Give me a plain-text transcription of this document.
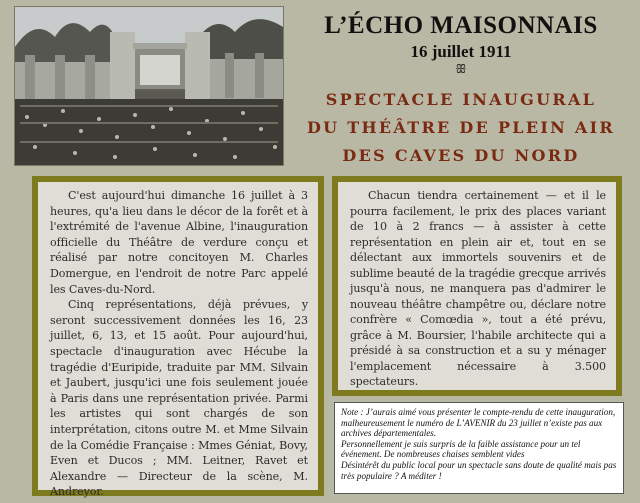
L’ÉCHO MAISONNAIS
16 juillet 1911
ꕥ
SPECTACLE INAUGURAL
DU THÉÂTRE DE PLEIN AIR
DES CAVES DU NORD

C'est aujourd'hui dimanche 16 juillet à 3 heures, qu'a lieu dans le décor de la forêt et à l'extrémité de l'avenue Albine, l'inauguration officielle du Théâtre de verdure conçu et réalisé par notre concitoyen M. Charles Domergue, en l'endroit de notre Parc appelé les Caves-du-Nord.

Cinq représentations, déjà prévues, y seront successivement données les 16, 23 juillet, 6, 13, et 15 août. Pour aujourd'hui, spectacle d'inauguration avec Hécube la tragédie d'Euripide, traduite par MM. Silvain et Jaubert, jusqu'ici une fois seulement jouée à Paris dans une représentation privée. Parmi les artistes qui sont chargés de son interprétation, citons outre M. et Mme Silvain de la Comédie Française : Mmes Géniat, Bovy, Even et Ducos ; MM. Leitner, Ravet et Alexandre — Directeur de la scène, M. Andreyor.

Chacun tiendra certainement — et il le pourra facilement, le prix des places variant de 10 à 2 francs — à assister à cette représentation en plein air et, tout en se délectant aux immortels souvenirs et de sublime beauté de la tragédie grecque arrivés jusqu'à nous, ne manquera pas d'admirer le nouveau théâtre champêtre ou, déclare notre confrère « Comœdia », tout a été prévu, grâce à M. Boursier, l'habile architecte qui a présidé à sa construction et a su y ménager l'emplacement nécessaire à 3.500 spectateurs.

Note : J’aurais aimé vous présenter le compte-rendu de cette inauguration, malheureusement le numéro de L’AVENIR du 23 juillet n’existe pas aux archives départementales.

Personnellement je suis surpris de la faible assistance pour un tel événement. De nombreuses chaises semblent vides

Désintérêt du public local pour un spectacle sans doute de qualité mais pas très populaire ? A méditer !
